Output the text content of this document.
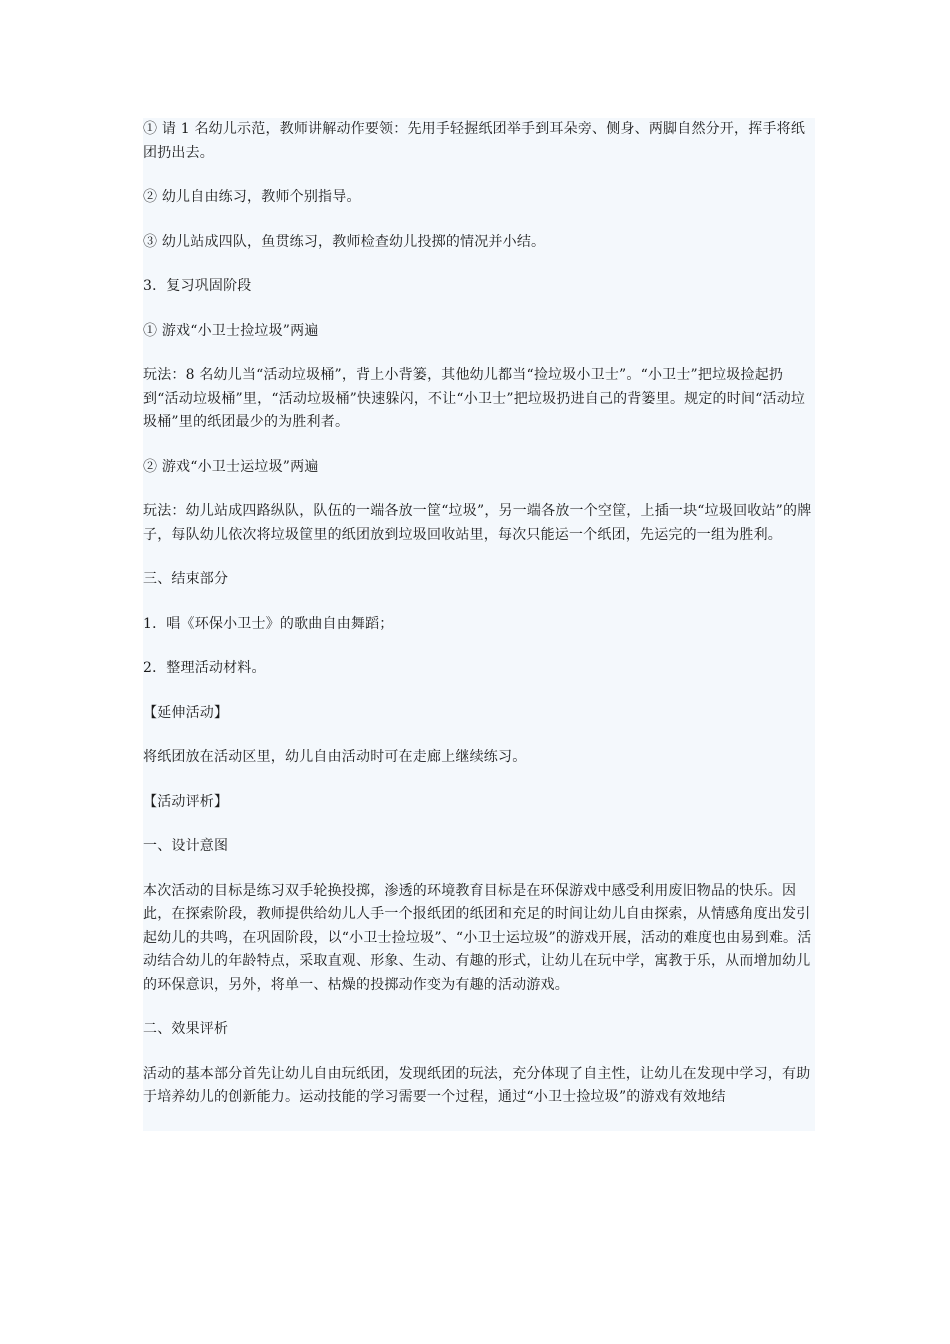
① 请 1 名幼儿示范，教师讲解动作要领：先用手轻握纸团举手到耳朵旁、侧身、两脚自然分开，挥手将纸团扔出去。

② 幼儿自由练习，教师个别指导。

③ 幼儿站成四队，鱼贯练习，教师检查幼儿投掷的情况并小结。

3．复习巩固阶段

① 游戏“小卫士捡垃圾”两遍

玩法：8 名幼儿当“活动垃圾桶”，背上小背篓，其他幼儿都当“捡垃圾小卫士”。“小卫士”把垃圾捡起扔到“活动垃圾桶”里，“活动垃圾桶”快速躲闪，不让“小卫士”把垃圾扔进自己的背篓里。规定的时间“活动垃圾桶”里的纸团最少的为胜利者。

② 游戏“小卫士运垃圾”两遍

玩法：幼儿站成四路纵队，队伍的一端各放一筐“垃圾”，另一端各放一个空筐，上插一块“垃圾回收站”的牌子，每队幼儿依次将垃圾筐里的纸团放到垃圾回收站里，每次只能运一个纸团，先运完的一组为胜利。

三、结束部分

1．唱《环保小卫士》的歌曲自由舞蹈；

2．整理活动材料。

【延伸活动】

将纸团放在活动区里，幼儿自由活动时可在走廊上继续练习。

【活动评析】

一、设计意图

本次活动的目标是练习双手轮换投掷，渗透的环境教育目标是在环保游戏中感受利用废旧物品的快乐。因此，在探索阶段，教师提供给幼儿人手一个报纸团的纸团和充足的时间让幼儿自由探索，从情感角度出发引起幼儿的共鸣，在巩固阶段，以“小卫士捡垃圾”、“小卫士运垃圾”的游戏开展，活动的难度也由易到难。活动结合幼儿的年龄特点，采取直观、形象、生动、有趣的形式，让幼儿在玩中学，寓教于乐，从而增加幼儿的环保意识，另外，将单一、枯燥的投掷动作变为有趣的活动游戏。

二、效果评析

活动的基本部分首先让幼儿自由玩纸团，发现纸团的玩法，充分体现了自主性，让幼儿在发现中学习，有助于培养幼儿的创新能力。运动技能的学习需要一个过程，通过“小卫士捡垃圾”的游戏有效地结
